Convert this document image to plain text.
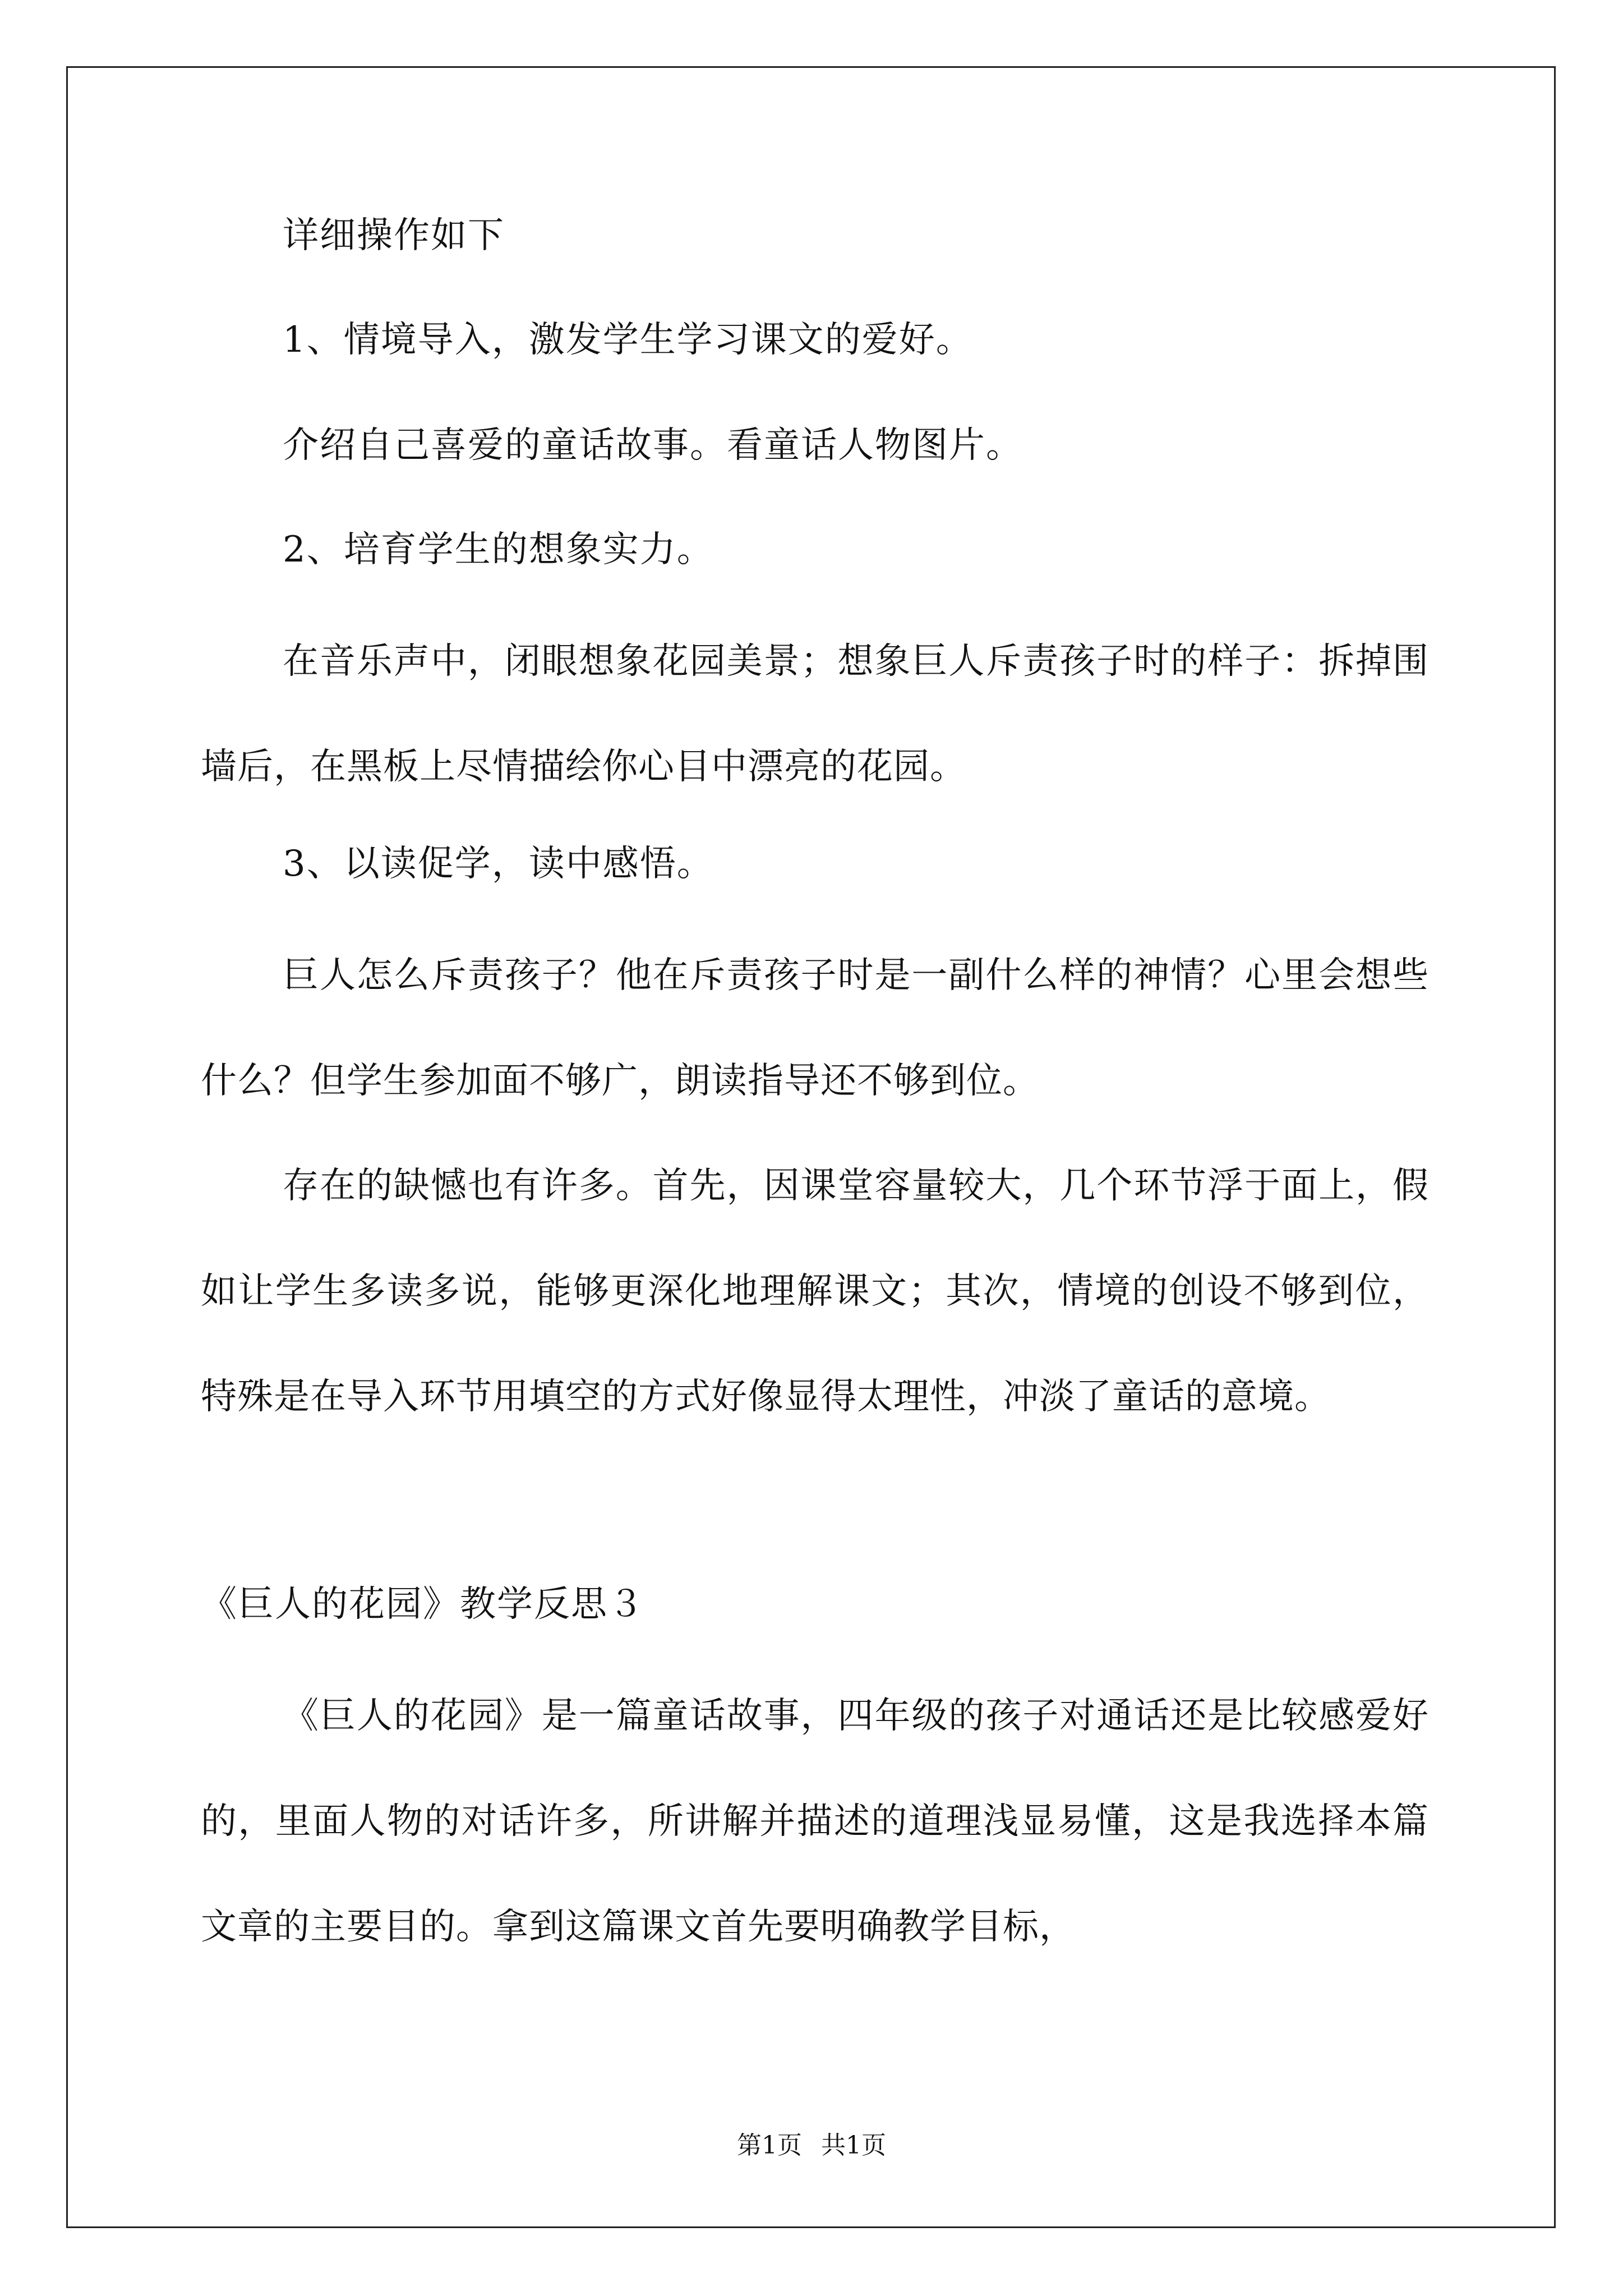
详细操作如下
1、情境导入，激发学生学习课文的爱好。
介绍自己喜爱的童话故事。看童话人物图片。
2、培育学生的想象实力。
在音乐声中，闭眼想象花园美景；想象巨人斥责孩子时的样子：拆掉围墙后，在黑板上尽情描绘你心目中漂亮的花园。
3、以读促学，读中感悟。
巨人怎么斥责孩子？他在斥责孩子时是一副什么样的神情？心里会想些什么？但学生参加面不够广，朗读指导还不够到位。
存在的缺憾也有许多。首先，因课堂容量较大，几个环节浮于面上，假如让学生多读多说，能够更深化地理解课文；其次，情境的创设不够到位，特殊是在导入环节用填空的方式好像显得太理性，冲淡了童话的意境。
《巨人的花园》教学反思３
《巨人的花园》是一篇童话故事，四年级的孩子对通话还是比较感爱好的，里面人物的对话许多，所讲解并描述的道理浅显易懂，这是我选择本篇文章的主要目的。拿到这篇课文首先要明确教学目标，
第1页 共1页
